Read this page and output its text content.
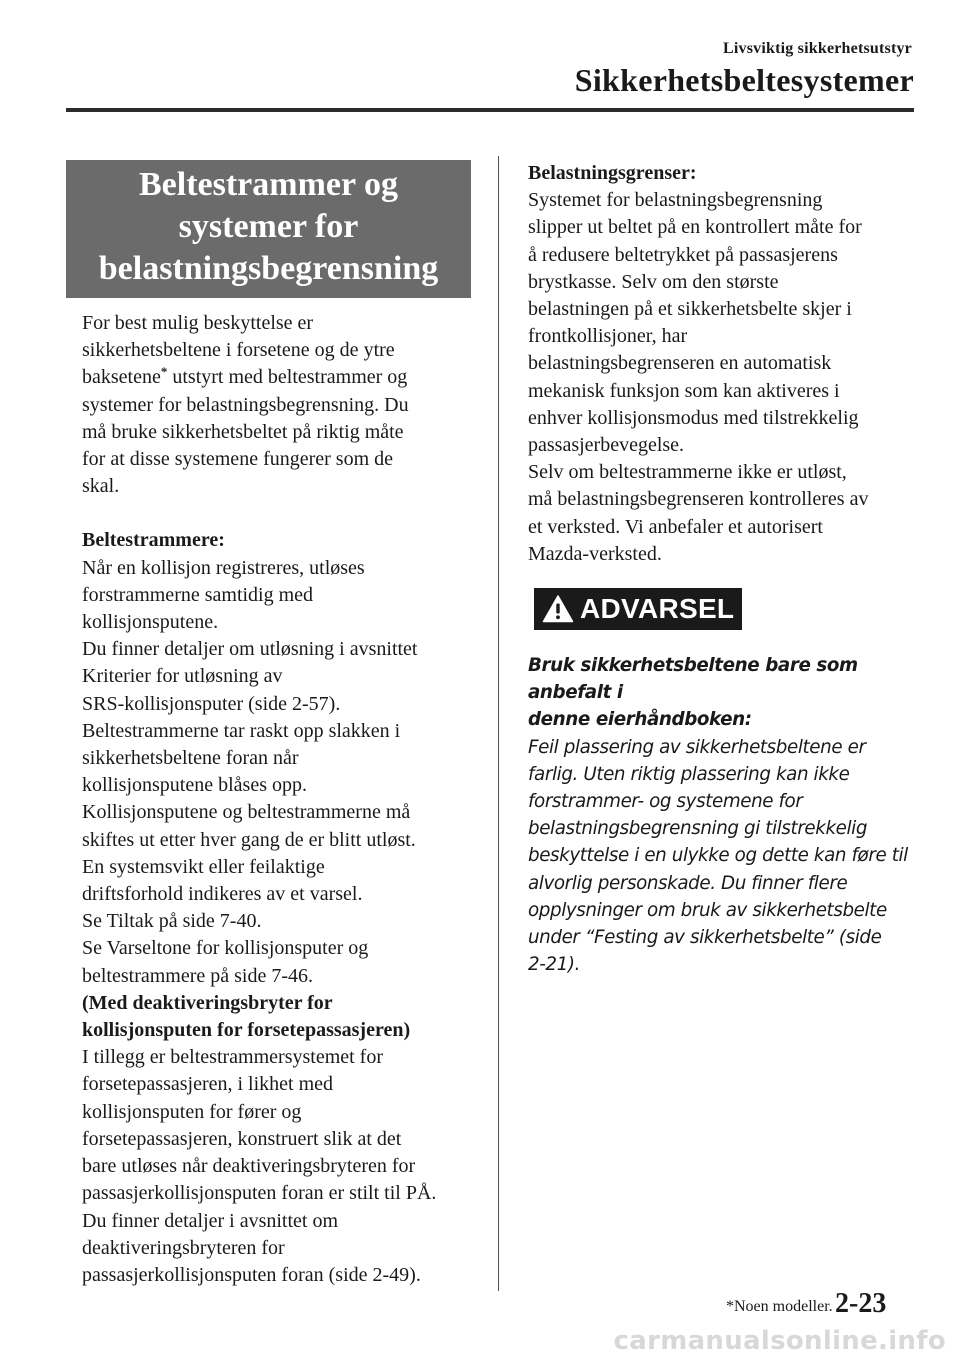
Livsviktig sikkerhetsutstyr
Sikkerhetsbeltesystemer
Beltestrammer og
systemer for
belastningsbegrensning

For best mulig beskyttelse er

sikkerhetsbeltene i forsetene og de ytre

baksetene* utstyrt med beltestrammer og

systemer for belastningsbegrensning. Du

må bruke sikkerhetsbeltet på riktig måte

for at disse systemene fungerer som de

skal.

Beltestrammere:

Når en kollisjon registreres, utløses

forstrammerne samtidig med

kollisjonsputene.

Du finner detaljer om utløsning i avsnittet

Kriterier for utløsning av

SRS-kollisjonsputer (side 2-57).

Beltestrammerne tar raskt opp slakken i

sikkerhetsbeltene foran når

kollisjonsputene blåses opp.

Kollisjonsputene og beltestrammerne må

skiftes ut etter hver gang de er blitt utløst.

En systemsvikt eller feilaktige

driftsforhold indikeres av et varsel.

Se Tiltak på side 7-40.

Se Varseltone for kollisjonsputer og

beltestrammere på side 7-46.

(Med deaktiveringsbryter for

kollisjonsputen for forsetepassasjeren)

I tillegg er beltestrammersystemet for

forsetepassasjeren, i likhet med

kollisjonsputen for fører og

forsetepassasjeren, konstruert slik at det

bare utløses når deaktiveringsbryteren for

passasjerkollisjonsputen foran er stilt til PÅ.

Du finner detaljer i avsnittet om

deaktiveringsbryteren for

passasjerkollisjonsputen foran (side 2-49).

Belastningsgrenser:

Systemet for belastningsbegrensning

slipper ut beltet på en kontrollert måte for

å redusere beltetrykket på passasjerens

brystkasse. Selv om den største

belastningen på et sikkerhetsbelte skjer i

frontkollisjoner, har

belastningsbegrenseren en automatisk

mekanisk funksjon som kan aktiveres i

enhver kollisjonsmodus med tilstrekkelig

passasjerbevegelse.

Selv om beltestrammerne ikke er utløst,

må belastningsbegrenseren kontrolleres av

et verksted. Vi anbefaler et autorisert

Mazda-verksted.

ADVARSEL

Bruk sikkerhetsbeltene bare som anbefalt i

denne eierhåndboken:

Feil plassering av sikkerhetsbeltene er

farlig. Uten riktig plassering kan ikke

forstrammer- og systemene for

belastningsbegrensning gi tilstrekkelig

beskyttelse i en ulykke og dette kan føre til

alvorlig personskade. Du finner flere

opplysninger om bruk av sikkerhetsbelte

under “Festing av sikkerhetsbelte” (side

2-21).

*Noen modeller. 2-23
carmanualsonline.info
